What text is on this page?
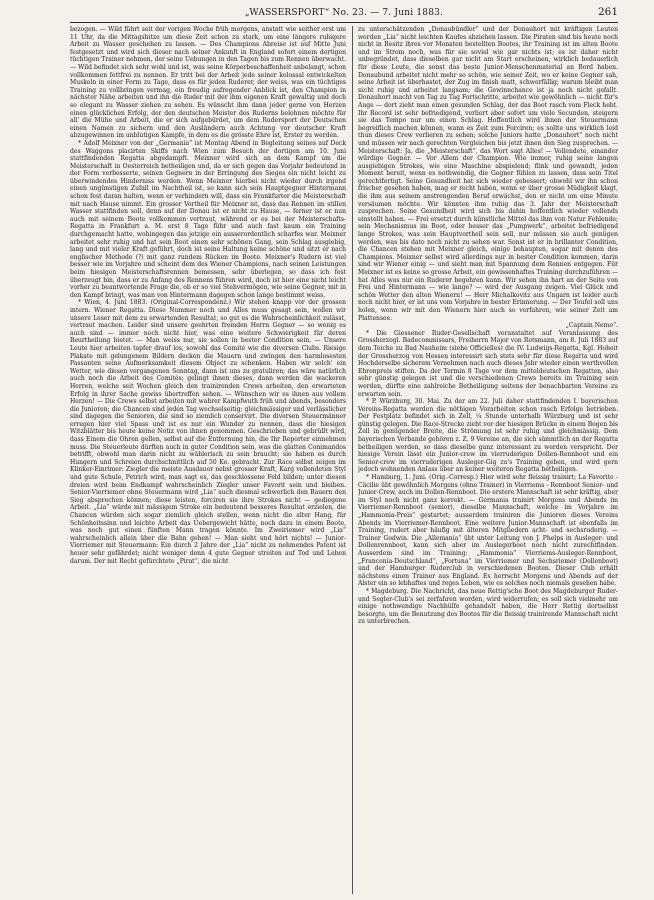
„WASSERSPORT“ No. 23. — 7. Juni 1883.	261

bezogen. — Wild führt seit der vorigen Woche früh morgens, anstatt wie seither erst um 11 Uhr, da die Mittagshitze um diese Zeit schon zu stark, um eine längere ruhigere Arbeit zu Wasser geschehen zu lassen. — Des Champions Abreise ist auf Mitte Juni festgesetzt und wird sich dieser nach seiner Ankunft in England sofort einem dortigen tüchtigen Trainer nehmen, der seine Uebungen in den Tagen bis zum Rennen überwacht. — Wild befindet sich sehr wohl und ist, was seine Körperbeschaffenheit anbelangt, schon vollkommen fettfrei zu nennen. Er tritt bei der Arbeit jede seiner kolossal entwickelten Muskeln in einer Form zu Tage, dass es für jeden Ruderer, der weiss, was ein tüchtiges Training zu vollbringen vermag, ein freudig aufregender Anblick ist, den Champion in nächster Nähe arbeiten und ihn die Ruder mit der ihm eigenen Kraft gewaltig und doch so elegant zu Wasser ziehen zu sehen. Es wünscht ihm dann jeder gerne von Herzen einen glücklichen Erfolg, der den deutschen Meister des Ruderns belohnen möchte für all' die Mühe und Arbeit, die er sich aufgebürdet, um dem Rudersport der Deutschen einen Namen zu sichern und den Ausländern auch Achtung vor deutscher Kraft abzugewinnen im unblutigen Kampfe, in dem es die grösste Ehre ist, Erster zu werden.

* Adolf Meixner von der „Germania“ ist Montag Abend in Begleitung seines auf Deck des Waggons placirten Skiffs nach Wien zum Besuch der dortigen am 10. Juni stattfindenden Regatta abgedampft. Meixner wird sich an dem Kampf um die Meisterschaft in Oesterreich betheiligen und, da er sich gegen das Vorjahr bedeutend in der Form verbesserte, seinen Gegnern in der Erringung des Sieges ein nicht leicht zu überwindendes Hinderniss werden. Wenn Meixner hierbei nicht wieder durch irgend einen ungünstigen Zufall im Nachtheil ist, so kann sich sein Hauptgegner Hintermann schon fest daran halten, wenn er verhindern will, dass ein Frankfurter die Meisterschaft mit nach Hause nimmt. Ein grosser Vortheil für Meixner ist, dass das Rennen im stillen Wasser stattfinden soll, denn auf der Donau ist er nicht zu Hause, — ferner ist er nun auch mit seinem Boote vollkommen vertraut, während er es bei der Meisterschafts-Regatta in Frankfurt a. M. erst 8 Tage führ und auch fast kaum ein Training durchgemacht hatte, wohingegen das jetzige ein ausserordentlich scharfes war. Meixner arbeitet sehr ruhig und hat sein Boot einen sehr schönen Gang, sein Schlag ausgiebig, lang und mit vieler Kraft geführt, doch ist seine Haltung keine schöne und sitzt er nach englischer Methode (?) mit ganz rundem Rücken im Boote. Meixner's Rudern ist viel besser wie im Vorjahre und scheint dem des Wiener Champions, nach seinen Leistungen beim hiesigen Meisterschaftsrennen bemessen, sehr überlegen, so dass ich fest überzeugt bin, dass er zu Anfang des Rennens führen wird, doch ist hier eine nicht leicht vorher zu beantwortende Frage die, ob er so viel Stehvermögen, wie seine Gegner, mit in den Kampf bringt, was man von Hintermann dagegen schon lange bestimmt weiss.

* Wien, 4. Juni 1883. (Original-Correspondenz.) Wir stehen knapp vor der grossen intern. Wiener Regatta. Diese Nummer noch und Alles muss gesagt sein, wollen wir unsere Leser mit dem zu erwartenden Resultat, so gut es die Wahrscheinlichkeit zulässt, vertraut machen. Leider sind unsere geehrten fremden Herrn Gegner — so wenig es auch sind — immer noch nicht hier, was eine weitere Schwierigkeit für deren Beurtheilung bietet. — Man weiss nur, sie sollen in bester Condition sein. — Unsere Leute hier arbeiten tapfer drauf los, sowohl das Comité wie die diversen Clubs. Riesige Plakate mit gelungenem Bildern decken die Mauern und zwingen den harmlosesten Passanten seine Aufmerksamkeit diesem Object zu schenken. Haben wir solch' ein Wetter, wie diesen vergangenen Sonntag, dann ist uns zu gratuliren; das wäre natürlich auch noch die Arbeit des Comités; gelingt ihnen dieses, dann werden die wackeren Herren, welche seit Wochen gleich den trainirenden Crews arbeiten, den erwarteten Erfolg in ihrer Sache gewiss übertreffen sehen. — Wünschen wir es ihnen aus vollem Herzen! — Die Crews selbst arbeiten mit wahrer Kampfwuth früh und abends, besonders die Junioren; die Chancen sind jeden Tag wechselseitig; gleichmässiger und verlässlicher sind dagegen die Senioren, die sind so ziemlich conservirt. Die diversen Steuermänner erregen hier viel Spass und ist es nur ein Wunder zu nennen, dass die hiesigen Witzblätter bis heute keine Notiz von ihnen genommen. Geschrieben und gebrüllt wird, dass Einem die Ohren gellen, selbst auf die Entfernung hin, die Ihr Reporter einnehmen muss. Die Steuerleute dürften auch in guter Condition sein, was die glatten Commandos betrifft, obwohl man darin nicht zu wählerisch zu sein braucht; sie haben es durch Hungern und Schreien durchschnittlich auf 50 Ko. gebracht. Zur Race selbst zeigen im Klinker-Einrimer: Ziegler die meiste Ausdauer nebst grosser Kraft, Karg vollendeten Styl und gute Schule, Petrich wird, man sagt es, das geschlossene Feld bilden; unter diesen dreien wird beim Endkampf wahrscheinlich Ziegler unser Favorit sein und bleiben. Senior-Vierriemer ohne Steuermann wird „Lia“ auch diesmal schwerlich den Bauern den Sieg absprechen können; diese leisten, forciren sie ihre Strokes nicht — gediegene Arbeit. „Lia“ würde mit mässigem Stroke ein bedeutend besseres Resultat erzielen, die Chancen würden sich sogar ziemlich gleich stellen, wenn nicht die alter Hang, für Schönheitssinn und leichte Arbeit das Uebergewicht hätte, noch dazu in einem Boote, was noch gut einen fünften Mann tragen könnte. Im Zweiriemer wird „Lia“ wahrscheinlich allein über die Bahn gehen! — Man sieht und hört nichts! — Junior-Vierriemer mit Steuermann: Ein durch 2 Jahre der „Lia“ nicht zu nehmendes Patent ist heuer sehr gefährdet; nicht weniger denn 4 gute Gegner streiten auf Tod und Leben darum. Der mit Recht gefürchtete „Pirat“, die nicht

zu unterschätzenden „Donaubündler“ und der Donauhort mit kräftigen Leuten werden „Lia“ nicht leichten Kaufes abziehen lassen. Die Piraten sind bis heute noch nicht in Besitz ihres vor Monaten bestellten Bootes, ihr Training ist im alten Boote und im Strom noch, was für sie soviel wie gar nichts ist; es ist daher nicht unbegründet, dass dieselben gar nicht am Start erscheinen, wirklich bedauerlich für diese Leute, die sonst das beste Junior-Menschenmaterial an Bord haben. Donaubund arbeitet nicht mehr so schön, wie seiner Zeit, wo er keine Gegner sah, seine Arbeit ist überhastet, der Zug im finish matt, schwerfällig; warum bleibt man nicht ruhig und arbeitet langsam; die Gewinnchance ist ja noch nicht gefallt. Donauhort macht von Tag zu Tag Fortschritte, arbeitet wie gewöhnlich — nicht für's Auge — dort zieht man einen gesunden Schlag, der das Boot rasch vom Fleck hebt. Ihr Record ist sehr befriedigend, verliert aber sofort um viele Secunden, steigern sie das Tempo nur um einen Schlag. Hoffentlich wird ihnen der Steuermann begreiflich machen können, wann es Zeit zum Forciren; es sollte uns wirklich leid thun dieses Crew verlieren zu sehen; solche Juniors hatte „Donauhort“ noch nicht und müssen wir nach gerechten Vergleichen bis jetzt ihnen den Sieg zusprechen. — Meisterschaft: Ja, die „Meisterschaft“, das Wort sagt Alles! — Vollendete, einander würdige Gegner. — Vor Allem der Champion. Wie immer, ruhig seine langen ausgiebigen Strokes, wie eine Maschine abspielend; flink und gewandt, jeden Moment bereit, wenn es nothwendig, die Gegner fühlen zu lassen, dass sein Titel gerechtfertigt. Seine Gesundheit hat sich wieder gebessert; obwohl wir ihn schon frischer gesehen haben, mag er recht haben, wenn er über grosse Müdigkeit klagt, die ihm aus seinem anstrengenden Beruf erwächst, den er nicht um eine Minute versäumen möchte. Wir könnten ihm ruhig das 3. Jahr der Meisterschaft zusprechen. Seine Gesundheit wird sich bis dahin hoffentlich wieder vollends einstellt haben. — Frei ersetzt durch künstliche Mittel das ihm von Natur Fehlende; sein Mechanismus im Boot, oder besser das „Pumpwerk“, arbeitet befriedigend lange Strokes, was sein Hauptvortheil sein soll, nur müssen sie auch genügen werden, was bis dato noch nicht zu sehen war. Sonst ist er in brillanter Condition, die Chancen stehen mit Meixner gleich, einige behaupten, sogar mit denen des Champions. Meixner selbst wird allerdings nur in bester Condition kommen, darin sind wir Wiener einig — und sieht man mit Spannung dem Rennen entgegen. Für Meixner ist es keine so grosse Arbeit, ein gewissenhaftes Training durchzuführen — hat Alles was nur ein Ruderer begehren kann. Wir sehen ihn hart an der Seite von Frei und Hintermann — wie lange? — wird der Ausgang zeigen. Viel Glück und schön Wetter den alten Wienern! — Herr Michalkovitz aus Ungarn ist leider auch noch nicht hier, er ist uns vom Vorjahre in bester Erinnerung. — Der Teufel soll uns holen, wenn wir mit den Wienern hier auch so verfahren, wie seiner Zeit am Plattensee.

„Captain Nemo“.

* Die Giessener Ruder-Gesellschaft veranstaltet auf Veranlassung des Grossherzogl. Badecommissars, Freiherrn Major von Rotsmann, am 8. Juli 1883 auf dem Teiche zu Bad Nauheim (siehe Officielles) die IV. Ludwigs-Regatta, Kgl. Hoheit der Grossherzog von Hessen interessirt sich stets sehr für diese Regatta und wird Hochderselbe sicherem Vernehmen nach auch dieses Jahr wieder einen werthvollen Ehrenpreis stiften. Da der Termin 8 Tage vor dem mitteldeutschen Regatten, also sehr günstig gelegen ist und die verschiedenen Crews bereits im Training sein werden, dürfte eine zahlreiche Betheiligung seitens der benachbarten Vereine zu erwarten sein.

* P. Würzburg, 30. Mai. Zu der am 22. Juli daher stattfindenden I. bayerischen Vereins-Regatta werden die nöthigen Vorarbeiten schon rasch Erfolge betrieben. Der Festplatz befindet sich in Zell, ¼ Stunde unterhalb Würzburg und ist sehr günstig gelegen. Die Race-Strecke zieht vor der hiesigen Brücke in einem Bogen bis Zell in genügender Breite, die Strömung ist sehr ruhig und gleichmässig. Dem bayerischen Verbande gehören z. Z. 9 Vereine an, die sich sämmtlich an der Regatta betheiligen werden, so dass dieselbe ganz interessant zu werden verspricht. Der hiesige Verein lässt ein Junior-crew im vierruderigen Dollen-Rennboot und ein Senior-crew im vierruderigen Ausleger-Gig zu's Training geben, und wird gern jedoch wohnenden Anlass über an keiner weiteren Regatta betheiligen.

* Hamburg, 1. Juni. (Orig.-Corresp.) Hier wird sehr fleissig trainirt; La Favorite - Cäcilie übt gewöhnlich Morgens (ohne Trainer) in Vierriems - Rennboot Senior- und Junior-Crew, auch im Dollen-Rennboot. Die erstere Mannschaft ist sehr kräftig, aber im Styl noch nicht ganz korrekt. — Germania trainirt Morgens und Abends im Vierriemer-Rennboot (senior), dieselbe Mannschaft, welche im Vorjahre im „Hammonia-Preis“ gestartet; ausserdem trainiren die Junioren dieses Vereins Abends im Vierriemer-Rennboot. Eine weitere Junior-Mannschaft ist ebenfalls im Training, rudert aber häufig mit älteren Mitgliedern acht- und sechsruderig. — Trainer Godwin. Die „Allemania“ übt unter Leitung von J. Phelps in Ausleger- und Dollenrennboot, kann sich aber im Auslegerboot noch nicht zurechtfinden. Ausserdem sind im Training: „Hammonia“ Vierriems-Ausleger-Rennboot, „Franconia-Deutschland“, „Fortuna“ im Vierriemer und Sechsriemer (Dollenboot) und der Hamburger Ruderclub in verschiedenen Booten. Dieser Club erhält nächstens einen Trainer aus England. Es herrscht Morgens und Abends auf der Alster ein so lebhaftes und reges Leben, wie es solches noch niemals gesehen habe.

* Magdeburg. Die Nachricht, das neue Rettig'sche Boot des Magdeburger Ruder- und Segler-Club's sei zerfahren worden, wird widerrufen; es soll sich vielmehr um einige nothwendige Nachhülfe gehandelt haben, die Herr Rettig dortselbst besorgte, um die Benutzung des Bootes für die fleissig trainirende Mannschaft nicht zu unterbrechen.
